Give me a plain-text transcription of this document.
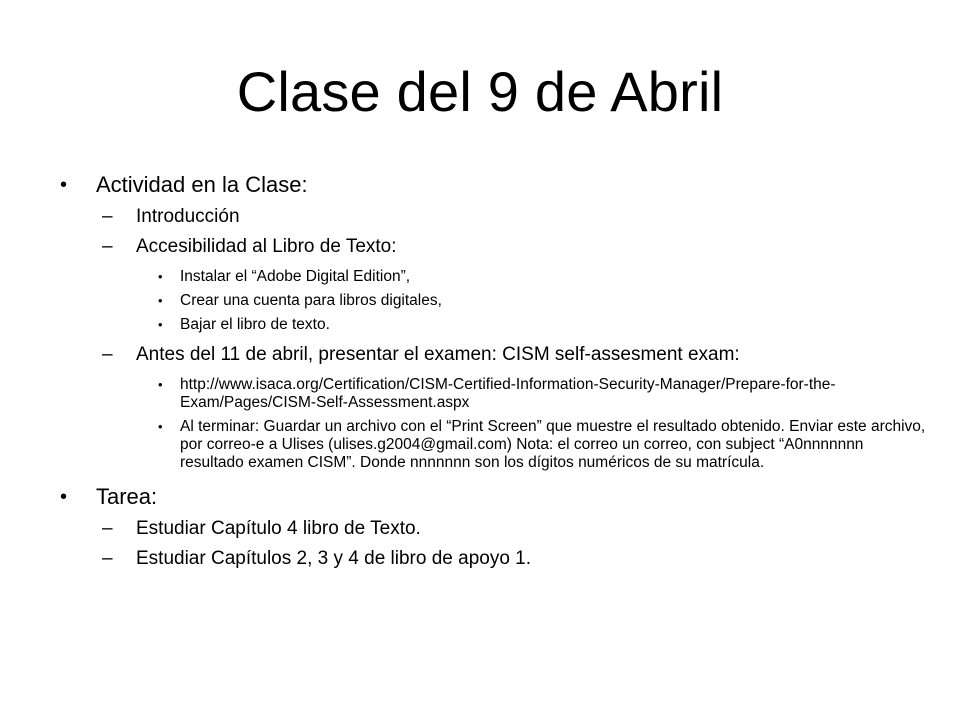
Clase del 9 de Abril
• Actividad en la Clase:
– Introducción
– Accesibilidad al Libro de Texto:
• Instalar el “Adobe Digital Edition”,
• Crear una cuenta para libros digitales,
• Bajar el libro de texto.
– Antes del 11 de abril, presentar el examen: CISM self-assesment exam:
• http://www.isaca.org/Certification/CISM-Certified-Information-Security-Manager/Prepare-for-the-Exam/Pages/CISM-Self-Assessment.aspx
• Al terminar: Guardar un archivo con el “Print Screen” que muestre el resultado obtenido. Enviar este archivo, por correo-e a Ulises (ulises.g2004@gmail.com) Nota: el correo un correo, con subject “A0nnnnnnn resultado examen CISM”. Donde nnnnnnn son los dígitos numéricos de su matrícula.
• Tarea:
– Estudiar Capítulo 4 libro de Texto.
– Estudiar Capítulos 2, 3 y 4 de libro de apoyo 1.
